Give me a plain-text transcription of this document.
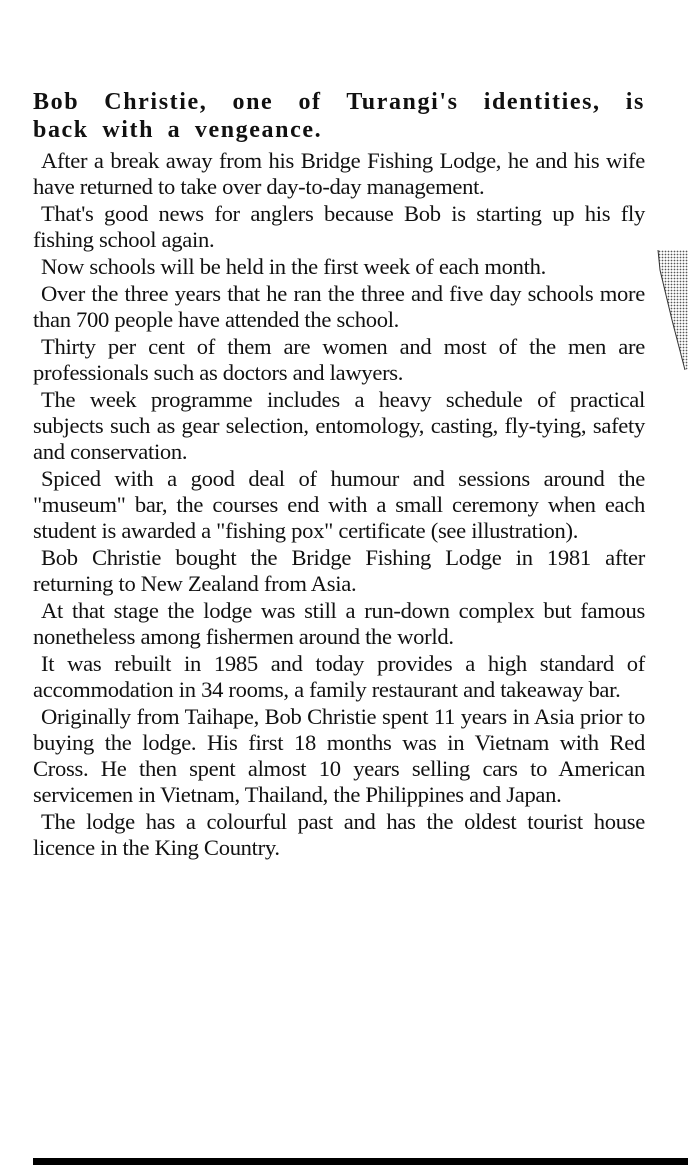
Bob Christie, one of Turangi's identities, is back with a vengeance.

After a break away from his Bridge Fishing Lodge, he and his wife have returned to take over day-to-day management.

That's good news for anglers because Bob is starting up his fly fishing school again.

Now schools will be held in the first week of each month.

Over the three years that he ran the three and five day schools more than 700 people have attended the school.

Thirty per cent of them are women and most of the men are professionals such as doctors and lawyers.

The week programme includes a heavy schedule of practical subjects such as gear selection, entomology, casting, fly-tying, safety and conservation.

Spiced with a good deal of humour and sessions around the "museum" bar, the courses end with a small ceremony when each student is awarded a "fishing pox" certificate (see illustration).

Bob Christie bought the Bridge Fishing Lodge in 1981 after returning to New Zealand from Asia.

At that stage the lodge was still a run-down complex but famous nonetheless among fishermen around the world.

It was rebuilt in 1985 and today provides a high standard of accommodation in 34 rooms, a family restaurant and takeaway bar.

Originally from Taihape, Bob Christie spent 11 years in Asia prior to buying the lodge. His first 18 months was in Vietnam with Red Cross. He then spent almost 10 years selling cars to American servicemen in Vietnam, Thailand, the Philippines and Japan.

The lodge has a colourful past and has the oldest tourist house licence in the King Country.
